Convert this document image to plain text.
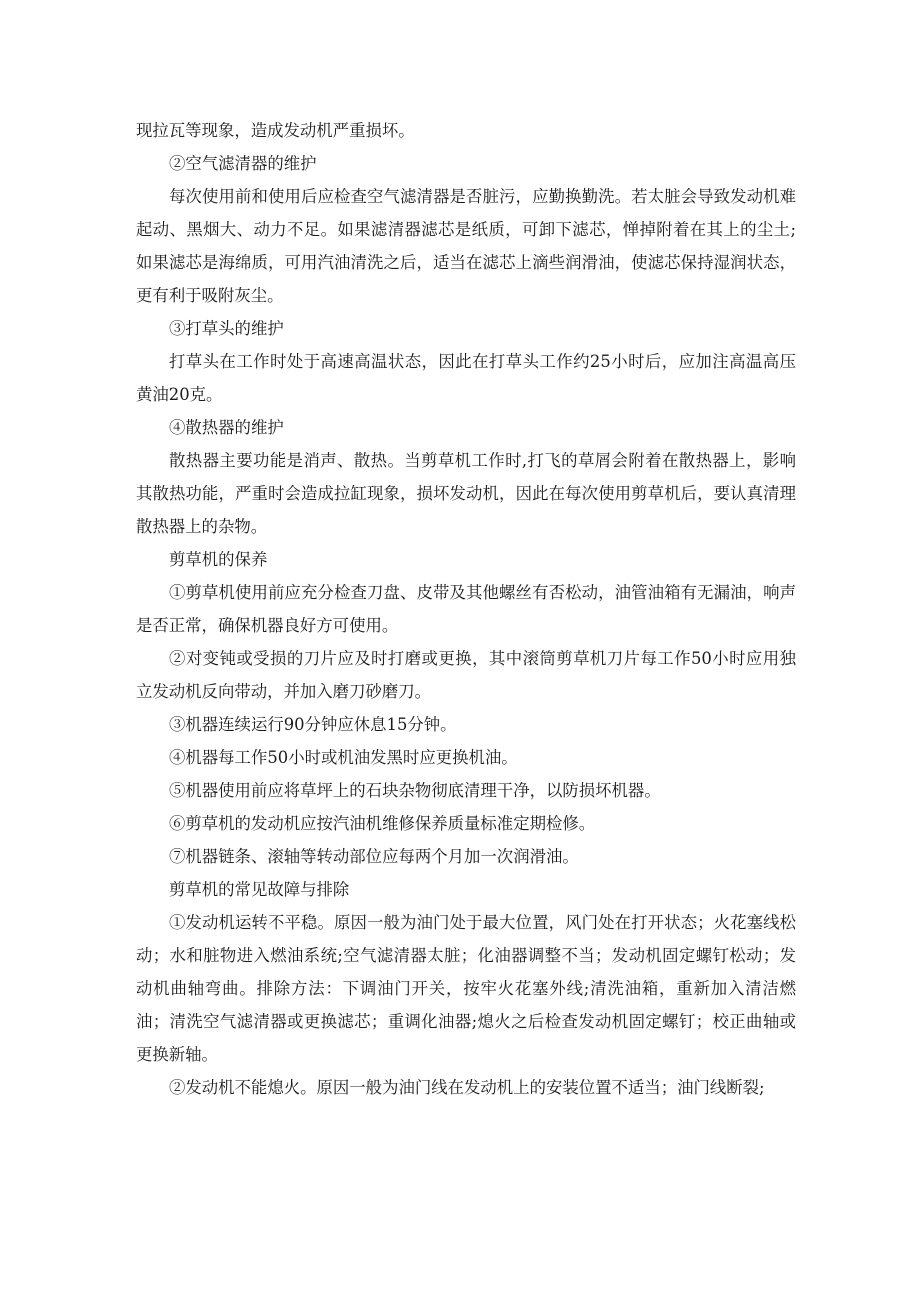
现拉瓦等现象，造成发动机严重损坏。

②空气滤清器的维护

每次使用前和使用后应检查空气滤清器是否脏污，应勤换勤洗。若太脏会导致发动机难起动、黑烟大、动力不足。如果滤清器滤芯是纸质，可卸下滤芯，惮掉附着在其上的尘土;如果滤芯是海绵质，可用汽油清洗之后，适当在滤芯上滴些润滑油，使滤芯保持湿润状态，更有利于吸附灰尘。

③打草头的维护

打草头在工作时处于高速高温状态，因此在打草头工作约25小时后，应加注高温高压黄油20克。

④散热器的维护

散热器主要功能是消声、散热。当剪草机工作时,打飞的草屑会附着在散热器上，影响其散热功能，严重时会造成拉缸现象，损坏发动机，因此在每次使用剪草机后，要认真清理散热器上的杂物。

剪草机的保养

①剪草机使用前应充分检查刀盘、皮带及其他螺丝有否松动，油管油箱有无漏油，响声是否正常，确保机器良好方可使用。

②对变钝或受损的刀片应及时打磨或更换，其中滚筒剪草机刀片每工作50小时应用独立发动机反向带动，并加入磨刀砂磨刀。

③机器连续运行90分钟应休息15分钟。

④机器每工作50小时或机油发黑时应更换机油。

⑤机器使用前应将草坪上的石块杂物彻底清理干净，以防损坏机器。

⑥剪草机的发动机应按汽油机维修保养质量标准定期检修。

⑦机器链条、滚轴等转动部位应每两个月加一次润滑油。

剪草机的常见故障与排除

①发动机运转不平稳。原因一般为油门处于最大位置，风门处在打开状态；火花塞线松动；水和脏物进入燃油系统;空气滤清器太脏；化油器调整不当；发动机固定螺钉松动；发动机曲轴弯曲。排除方法：下调油门开关，按牢火花塞外线;清洗油箱，重新加入清洁燃油；清洗空气滤清器或更换滤芯；重调化油器;熄火之后检查发动机固定螺钉；校正曲轴或更换新轴。

②发动机不能熄火。原因一般为油门线在发动机上的安装位置不适当；油门线断裂;
